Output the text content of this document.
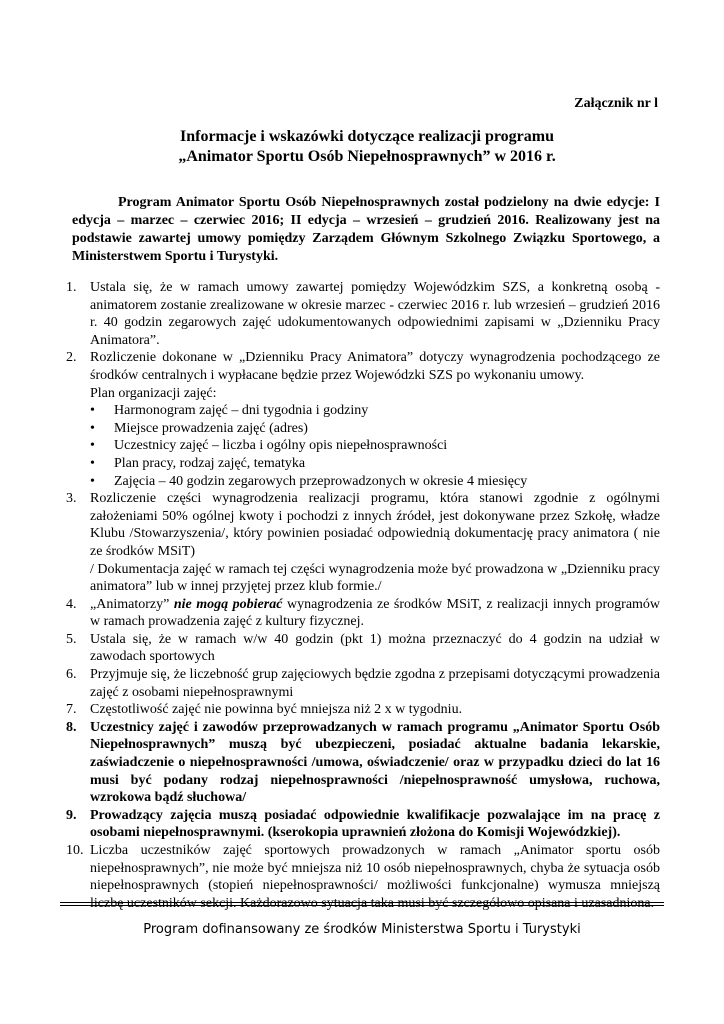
Załącznik nr l
Informacje i wskazówki dotyczące realizacji programu
„Animator Sportu Osób Niepełnosprawnych” w 2016 r.
Program Animator Sportu Osób Niepełnosprawnych został podzielony na dwie edycje: I edycja – marzec – czerwiec 2016; II edycja – wrzesień – grudzień 2016. Realizowany jest na podstawie zawartej umowy pomiędzy Zarządem Głównym Szkolnego Związku Sportowego, a Ministerstwem Sportu i Turystyki.
1. Ustala się, że w ramach umowy zawartej pomiędzy Wojewódzkim SZS, a konkretną osobą - animatorem zostanie zrealizowane w okresie marzec - czerwiec 2016 r. lub wrzesień – grudzień 2016 r. 40 godzin zegarowych zajęć udokumentowanych odpowiednimi zapisami w „Dzienniku Pracy Animatora”.
2. Rozliczenie dokonane w „Dzienniku Pracy Animatora” dotyczy wynagrodzenia pochodzącego ze środków centralnych i wypłacane będzie przez Wojewódzki SZS po wykonaniu umowy.
Plan organizacji zajęć:
• Harmonogram zajęć – dni tygodnia i godziny
• Miejsce prowadzenia zajęć (adres)
• Uczestnicy zajęć – liczba i ogólny opis niepełnosprawności
• Plan pracy, rodzaj zajęć, tematyka
• Zajęcia – 40 godzin zegarowych przeprowadzonych w okresie 4 miesięcy
3. Rozliczenie części wynagrodzenia realizacji programu, która stanowi zgodnie z ogólnymi założeniami 50% ogólnej kwoty i pochodzi z innych źródeł, jest dokonywane przez Szkołę, władze Klubu /Stowarzyszenia/, który powinien posiadać odpowiednią dokumentację pracy animatora ( nie ze środków MSiT)
/ Dokumentacja zajęć w ramach tej części wynagrodzenia może być prowadzona w „Dzienniku pracy animatora” lub w innej przyjętej przez klub formie./
4. „Animatorzy” nie mogą pobierać wynagrodzenia ze środków MSiT, z realizacji innych programów w ramach prowadzenia zajęć z kultury fizycznej.
5. Ustala się, że w ramach w/w 40 godzin (pkt 1) można przeznaczyć do 4 godzin na udział w zawodach sportowych
6. Przyjmuje się, że liczebność grup zajęciowych będzie zgodna z przepisami dotyczącymi prowadzenia zajęć z osobami niepełnosprawnymi
7. Częstotliwość zajęć nie powinna być mniejsza niż 2 x w tygodniu.
8. Uczestnicy zajęć i zawodów przeprowadzanych w ramach programu „Animator Sportu Osób Niepełnosprawnych” muszą być ubezpieczeni, posiadać aktualne badania lekarskie, zaświadczenie o niepełnosprawności /umowa, oświadczenie/ oraz w przypadku dzieci do lat 16 musi być podany rodzaj niepełnosprawności /niepełnosprawność umysłowa, ruchowa, wzrokowa bądź słuchowa/
9. Prowadzący zajęcia muszą posiadać odpowiednie kwalifikacje pozwalające im na pracę z osobami niepełnosprawnymi. (kserokopia uprawnień złożona do Komisji Wojewódzkiej).
10. Liczba uczestników zajęć sportowych prowadzonych w ramach „Animator sportu osób niepełnosprawnych”, nie może być mniejsza niż 10 osób niepełnosprawnych, chyba że sytuacja osób niepełnosprawnych (stopień niepełnosprawności/ możliwości funkcjonalne) wymusza mniejszą liczbę uczestników sekcji. Każdorazowo sytuacja taka musi być szczegółowo opisana i uzasadniona.
Program dofinansowany ze środków Ministerstwa Sportu i Turystyki
